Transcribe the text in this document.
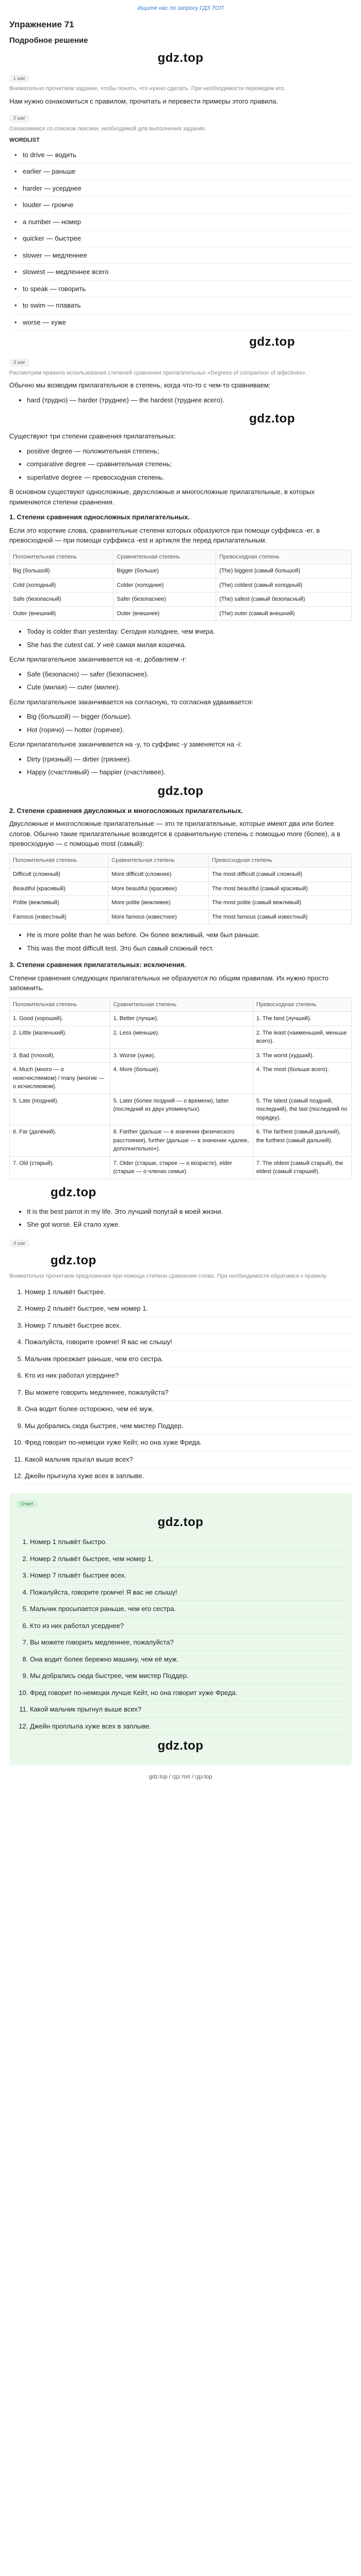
Ищите нас по запросу ГДЗ ТОП
Упражнение 71
Подробное решение
gdz.top
1 шаг
Внимательно прочитаем задание, чтобы понять, что нужно сделать. При необходимости переведём его.

Нам нужно ознакомиться с правилом, прочитать и перевести примеры этого правила.

2 шаг
Ознакомимся со списком лексики, необходимой для выполнения задания.
WORDLIST
• to drive — водить
• earlier — раньше
• harder — усерднее
• louder — громче
• a number — номер
• quicker — быстрее
• slower — медленнее
• slowest — медленнее всего
• to speak — говорить
• to swim — плавать
• worse — хуже
gdz.top
3 шаг
Рассмотрим правило использования степеней сравнения прилагательных «Degrees of comparison of adjectives».

Обычно мы возводим прилагательное в степень, когда что-то с чем-то сравниваем:

• hard (трудно) — harder (труднее) — the hardest (труднее всего).
gdz.top

Существуют три степени сравнения прилагательных:

• positive degree — положительная степень;
• comparative degree — сравнительная степень;
• superlative degree — превосходная степень.

В основном существуют односложные, двухсложные и многосложные прилагательные, в которых применяются степени сравнения.

1. Степени сравнения односложных прилагательных.

Если это короткие слова, сравнительные степени которых образуются при помощи суффикса -er, в превосходной — при помощи суффикса -est и артикля the перед прилагательным.

Положительная степень	Сравнительная степень	Превосходная степень
Big (большой)	Bigger (больше)	(The) biggest (самый большой)
Cold (холодный)	Colder (холоднее)	(The) coldest (самый холодный)
Safe (безопасный)	Safer (безопаснее)	(The) safest (самый безопасный)
Outer (внешний)	Outer (внешнее)	(The) outer (самый внешний)
• Today is colder than yesterday. Сегодня холоднее, чем вчера.
• She has the cutest cat. У неё самая милая кошечка.

Если прилагательное заканчивается на -e, добавляем -r:

• Safe (безопасно) — safer (безопаснее).
• Cute (милая) — cuter (милее).

Если прилагательное заканчивается на согласную, то согласная удваивается:

• Big (большой) — bigger (больше).
• Hot (горячо) — hotter (горячее).

Если прилагательное заканчивается на -y, то суффикс -y заменяется на -i:

• Dirty (грязный) — dirtier (грязнее).
• Happy (счастливый) — happier (счастливее).
gdz.top
2. Степени сравнения двусложных и многосложных прилагательных.

Двусложные и многосложные прилагательные — это те прилагательные, которые имеют два или более слогов. Обычно такие прилагательные возводятся в сравнительную степень с помощью more (более), а в превосходную — с помощью most (самый):

Положительная степень	Сравнительная степень	Превосходная степень
Difficult (сложный)	More difficult (сложнее)	The most difficult (самый сложный)
Beautiful (красивый)	More beautiful (красивее)	The most beautiful (самый красивый)
Polite (вежливый)	More polite (вежливее)	The most polite (самый вежливый)
Famous (известный)	More famous (известнее)	The most famous (самый известный)
• He is more polite than he was before. Он более вежливый, чем был раньше.
• This was the most difficult test. Это был самый сложный тест.
3. Степени сравнения прилагательных: исключения.

Степени сравнения следующих прилагательных не образуются по общим правилам. Их нужно просто запомнить.

Положительная степень	Сравнительная степень	Превосходная степень
1. Good (хороший).	1. Better (лучше).	1. The best (лучший).
2. Little (маленький).	2. Less (меньше).	2. The least (наименьший, меньше всего).
3. Bad (плохой).	3. Worse (хуже).	3. The worst (худший).
4. Much (много — о неисчисляемом) / many (многие — о исчисляемом).	4. More (больше).	4. The most (больше всего).
5. Late (поздний).	5. Later (более поздний — о времени), latter (последний из двух упомянутых).	5. The latest (самый поздний, последний), the last (последний по порядку).
6. Far (далёкий).	6. Farther (дальше — в значении физического расстояния), further (дальше — в значении «далее, дополнительно»).	6. The farthest (самый дальний), the furthest (самый дальний).
7. Old (старый).	7. Older (старше, старее — о возрасте), elder (старше — о членах семьи).	7. The oldest (самый старый), the eldest (самый старший).
gdz.top
• It is the best parrot in my life. Это лучший попугай в моей жизни.
• She got worse. Ей стало хуже.
4 шаг
gdz.top
Внимательно прочитаем предложения при помощи степени сравнения слова. При необходимости обратимся к правилу.
1. Номер 1 плывёт быстрее.
2. Номер 2 плывёт быстрее, чем номер 1.
3. Номер 7 плывёт быстрее всех.
4. Пожалуйста, говорите громче! Я вас не слышу!
5. Мальчик проезжает раньше, чем его сестра.
6. Кто из них работал усерднее?
7. Вы можете говорить медленнее, пожалуйста?
8. Она водит более осторожно, чем её муж.
9. Мы добрались сюда быстрее, чем мистер Поддер.
10. Фред говорит по-немецки хуже Кейт, но она хуже Фреда.
11. Какой мальчик прыгал выше всех?
12. Джейн прыгнула хуже всех в заплыве.
Ответ
gdz.top
1. Номер 1 плывёт быстро.
2. Номер 2 плывёт быстрее, чем номер 1.
3. Номер 7 плывёт быстрее всех.
4. Пожалуйста, говорите громче! Я вас не слышу!
5. Мальчик просыпается раньше, чем его сестра.
6. Кто из них работал усерднее?
7. Вы можете говорить медленнее, пожалуйста?
8. Она водит более бережно машину, чем её муж.
9. Мы добрались сюда быстрее, чем мистер Поддер.
10. Фред говорит по-немецки лучше Кейт, но она говорит хуже Фреда.
11. Какой мальчик прыгнул выше всех?
12. Джейн проплыла хуже всех в заплыве.
gdz.top
gdz.top / гдз.топ / гдз.top
